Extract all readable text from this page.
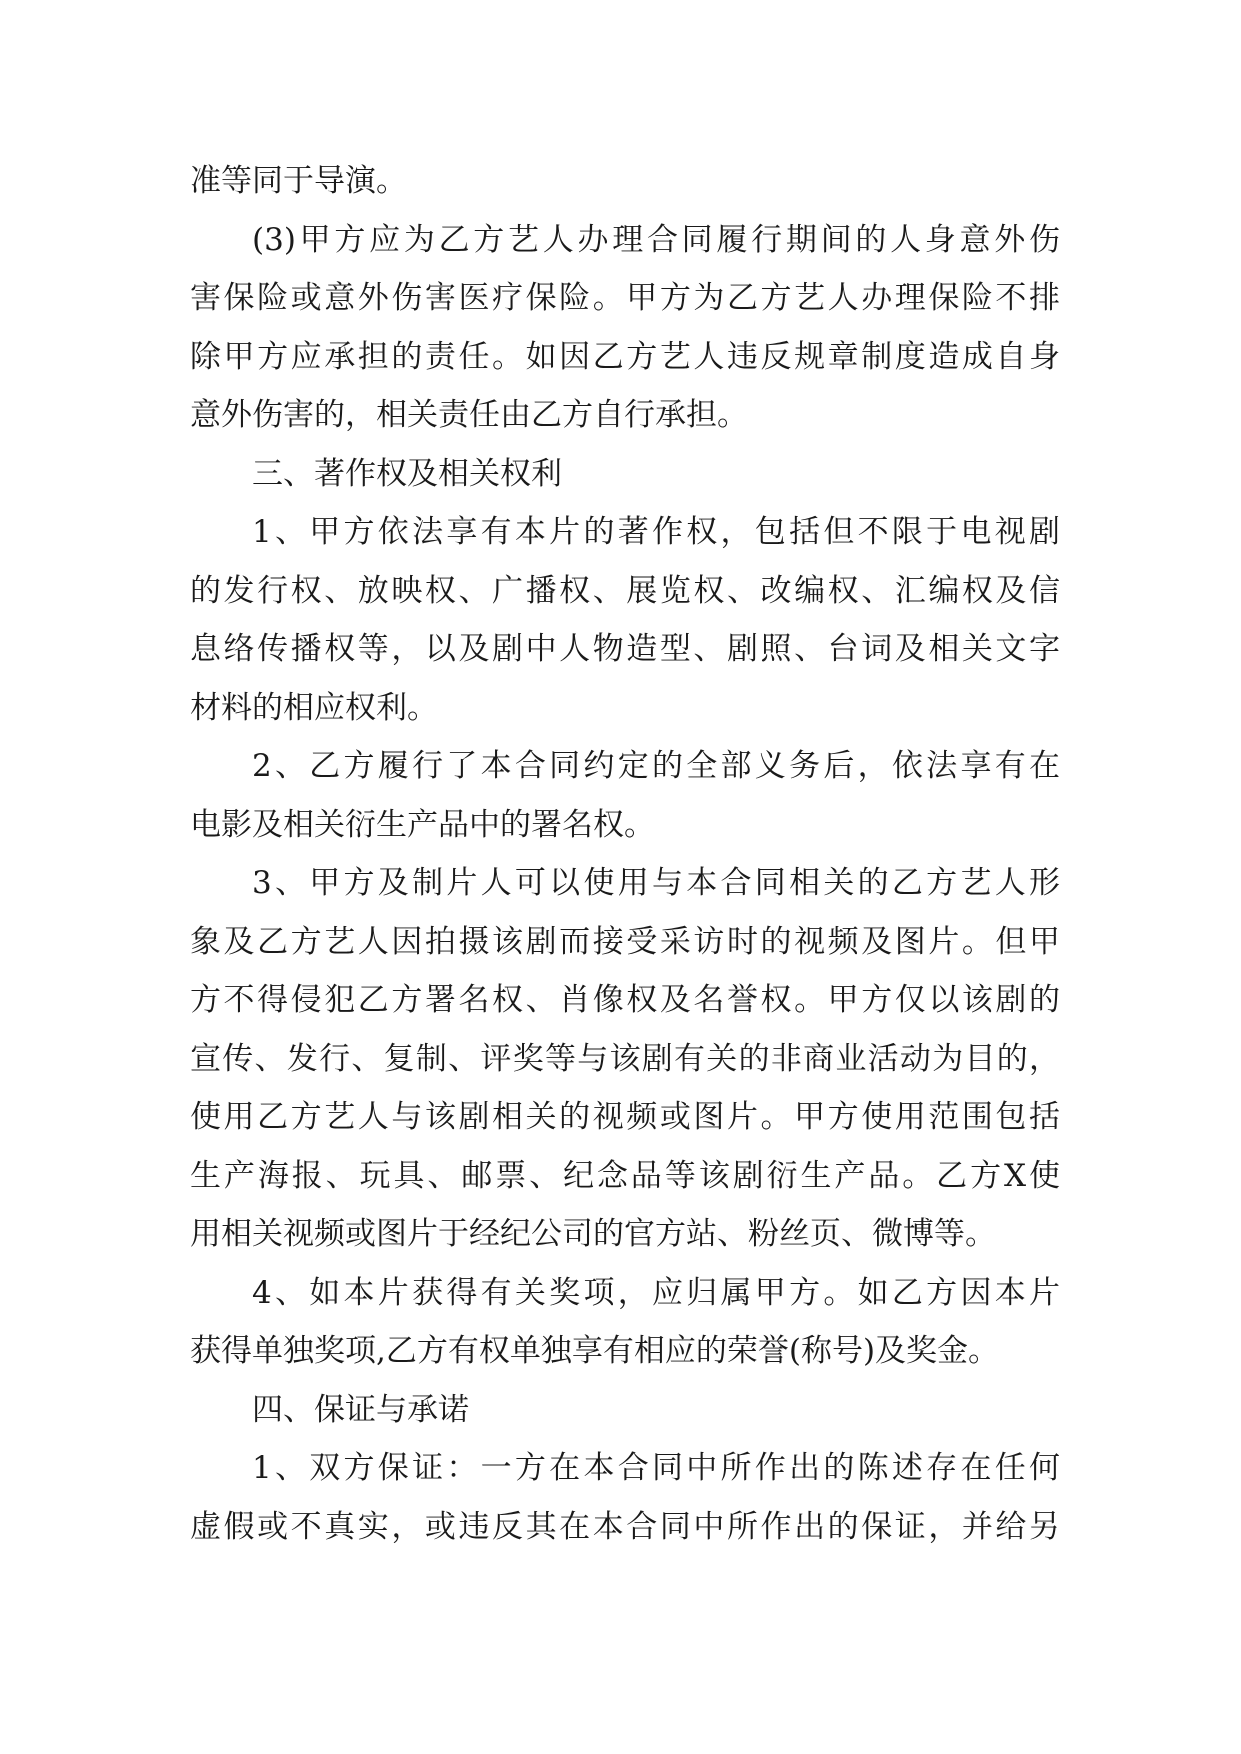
准等同于导演。
(3)甲方应为乙方艺人办理合同履行期间的人身意外伤
害保险或意外伤害医疗保险。甲方为乙方艺人办理保险不排
除甲方应承担的责任。如因乙方艺人违反规章制度造成自身
意外伤害的，相关责任由乙方自行承担。
三、著作权及相关权利
1、甲方依法享有本片的著作权，包括但不限于电视剧
的发行权、放映权、广播权、展览权、改编权、汇编权及信
息络传播权等，以及剧中人物造型、剧照、台词及相关文字
材料的相应权利。
2、乙方履行了本合同约定的全部义务后，依法享有在
电影及相关衍生产品中的署名权。
3、甲方及制片人可以使用与本合同相关的乙方艺人形
象及乙方艺人因拍摄该剧而接受采访时的视频及图片。但甲
方不得侵犯乙方署名权、肖像权及名誉权。甲方仅以该剧的
宣传、发行、复制、评奖等与该剧有关的非商业活动为目的，
使用乙方艺人与该剧相关的视频或图片。甲方使用范围包括
生产海报、玩具、邮票、纪念品等该剧衍生产品。乙方X使
用相关视频或图片于经纪公司的官方站、粉丝页、微博等。
4、如本片获得有关奖项，应归属甲方。如乙方因本片
获得单独奖项,乙方有权单独享有相应的荣誉(称号)及奖金。
四、保证与承诺
1、双方保证：一方在本合同中所作出的陈述存在任何
虚假或不真实，或违反其在本合同中所作出的保证，并给另
